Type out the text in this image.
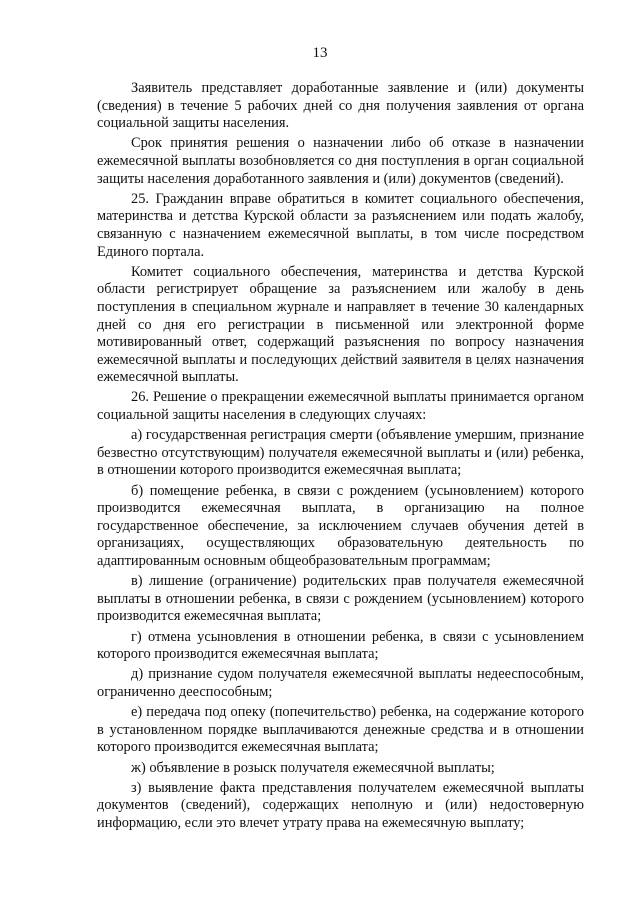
13

Заявитель представляет доработанные заявление и (или) документы (сведения) в течение 5 рабочих дней со дня получения заявления от органа социальной защиты населения.

Срок принятия решения о назначении либо об отказе в назначении ежемесячной выплаты возобновляется со дня поступления в орган социальной защиты населения доработанного заявления и (или) документов (сведений).

25. Гражданин вправе обратиться в комитет социального обеспечения, материнства и детства Курской области за разъяснением или подать жалобу, связанную с назначением ежемесячной выплаты, в том числе посредством Единого портала.

Комитет социального обеспечения, материнства и детства Курской области регистрирует обращение за разъяснением или жалобу в день поступления в специальном журнале и направляет в течение 30 календарных дней со дня его регистрации в письменной или электронной форме мотивированный ответ, содержащий разъяснения по вопросу назначения ежемесячной выплаты и последующих действий заявителя в целях назначения ежемесячной выплаты.

26. Решение о прекращении ежемесячной выплаты принимается органом социальной защиты населения в следующих случаях:

а) государственная регистрация смерти (объявление умершим, признание безвестно отсутствующим) получателя ежемесячной выплаты и (или) ребенка, в отношении которого производится ежемесячная выплата;

б) помещение ребенка, в связи с рождением (усыновлением) которого производится ежемесячная выплата, в организацию на полное государственное обеспечение, за исключением случаев обучения детей в организациях, осуществляющих образовательную деятельность по адаптированным основным общеобразовательным программам;

в) лишение (ограничение) родительских прав получателя ежемесячной выплаты в отношении ребенка, в связи с рождением (усыновлением) которого производится ежемесячная выплата;

г) отмена усыновления в отношении ребенка, в связи с усыновлением которого производится ежемесячная выплата;

д) признание судом получателя ежемесячной выплаты недееспособным, ограниченно дееспособным;

е) передача под опеку (попечительство) ребенка, на содержание которого в установленном порядке выплачиваются денежные средства и в отношении которого производится ежемесячная выплата;

ж) объявление в розыск получателя ежемесячной выплаты;

з) выявление факта представления получателем ежемесячной выплаты документов (сведений), содержащих неполную и (или) недостоверную информацию, если это влечет утрату права на ежемесячную выплату;
